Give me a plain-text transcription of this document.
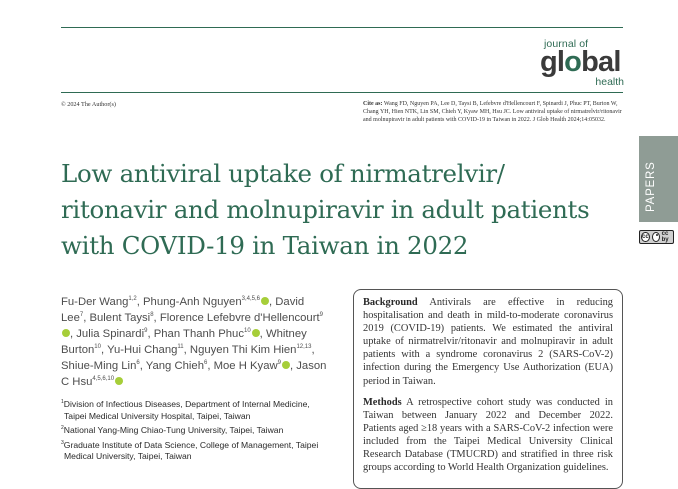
journal of
global
health
© 2024 The Author(s)	Cite as: Wang FD, Nguyen PA, Lee D, Taysi B, Lefebvre d'Hellencourt F, Spinardi J, Phuc PT, Burton W, Chang YH, Hien NTK, Lin SM, Chieh Y, Kyaw MH, Hsu JC. Low antiviral uptake of nirmatrelvir/ritonavir and molnupiravir in adult patients with COVID-19 in Taiwan in 2022. J Glob Health 2024;14:05032.
PAPERS
cc cc by
Low antiviral uptake of nirmatrelvir/
ritonavir and molnupiravir in adult patients
with COVID-19 in Taiwan in 2022
Fu-Der Wang$^{1,2}$, Phung-Anh Nguyen$^{3,4,5,6}$ , David Lee$^7$, Bulent Taysi$^8$, Florence Lefebvre d'Hellencourt$^9$, Julia Spinardi$^9$, Phan Thanh Phuc$^{10}$ , Whitney Burton$^{10}$, Yu-Hui Chang$^{11}$, Nguyen Thi Kim Hien$^{12,13}$, Shiue-Ming Lin$^6$, Yang Chieh$^6$, Moe H Kyaw$^9$ , Jason C Hsu$^{4,5,6,10}$

$^1$Division of Infectious Diseases, Department of Internal Medicine, Taipei Medical University Hospital, Taipei, Taiwan

$^2$National Yang-Ming Chiao-Tung University, Taipei, Taiwan

$^3$Graduate Institute of Data Science, College of Management, Taipei Medical University, Taipei, Taiwan

Background Antivirals are effective in reducing hospitalisation and death in mild-to-moderate coronavirus 2019 (COVID-19) patients. We estimated the antiviral uptake of nirmatrelvir/ritonavir and molnupiravir in adult patients with a syndrome coronavirus 2 (SARS-CoV-2) infection during the Emergency Use Authorization (EUA) period in Taiwan.

Methods A retrospective cohort study was conducted in Taiwan between January 2022 and December 2022. Patients aged ≥18 years with a SARS-CoV-2 infection were included from the Taipei Medical University Clinical Research Database (TMUCRD) and stratified in three risk groups according to World Health Organization guidelines.
